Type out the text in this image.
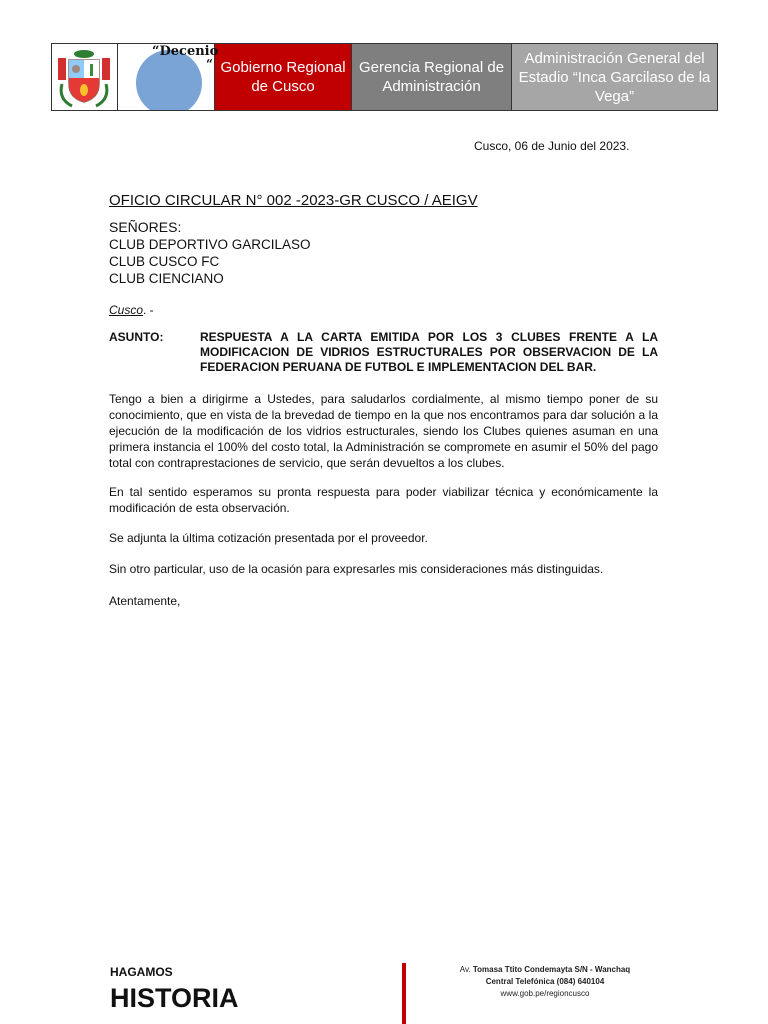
Gobierno Regional de Cusco
Gerencia Regional de Administración
Administración General del Estadio “Inca Garcilaso de la Vega”
“Decenio
“
Cusco, 06 de Junio del 2023.
OFICIO CIRCULAR N° 002 -2023-GR CUSCO / AEIGV
SEÑORES:
CLUB DEPORTIVO GARCILASO
CLUB CUSCO FC
CLUB CIENCIANO
Cusco. -
ASUNTO:	RESPUESTA A LA CARTA EMITIDA POR LOS 3 CLUBES FRENTE A LA MODIFICACION DE VIDRIOS ESTRUCTURALES POR OBSERVACION DE LA FEDERACION PERUANA DE FUTBOL E IMPLEMENTACION DEL BAR.
Tengo a bien a dirigirme a Ustedes, para saludarlos cordialmente, al mismo tiempo poner de su conocimiento, que en vista de la brevedad de tiempo en la que nos encontramos para dar solución a la ejecución de la modificación de los vidrios estructurales, siendo los Clubes quienes asuman en una primera instancia el 100% del costo total, la Administración se compromete en asumir el 50% del pago total con contraprestaciones de servicio, que serán devueltos a los clubes.
En tal sentido esperamos su pronta respuesta para poder viabilizar técnica y económicamente la modificación de esta observación.
Se adjunta la última cotización presentada por el proveedor.
Sin otro particular, uso de la ocasión para expresarles mis consideraciones más distinguidas.
Atentamente,
HAGAMOS
HISTORIA
Av. Tomasa Ttito Condemayta S/N - Wanchaq
Central Telefónica (084) 640104
www.gob.pe/regioncusco
